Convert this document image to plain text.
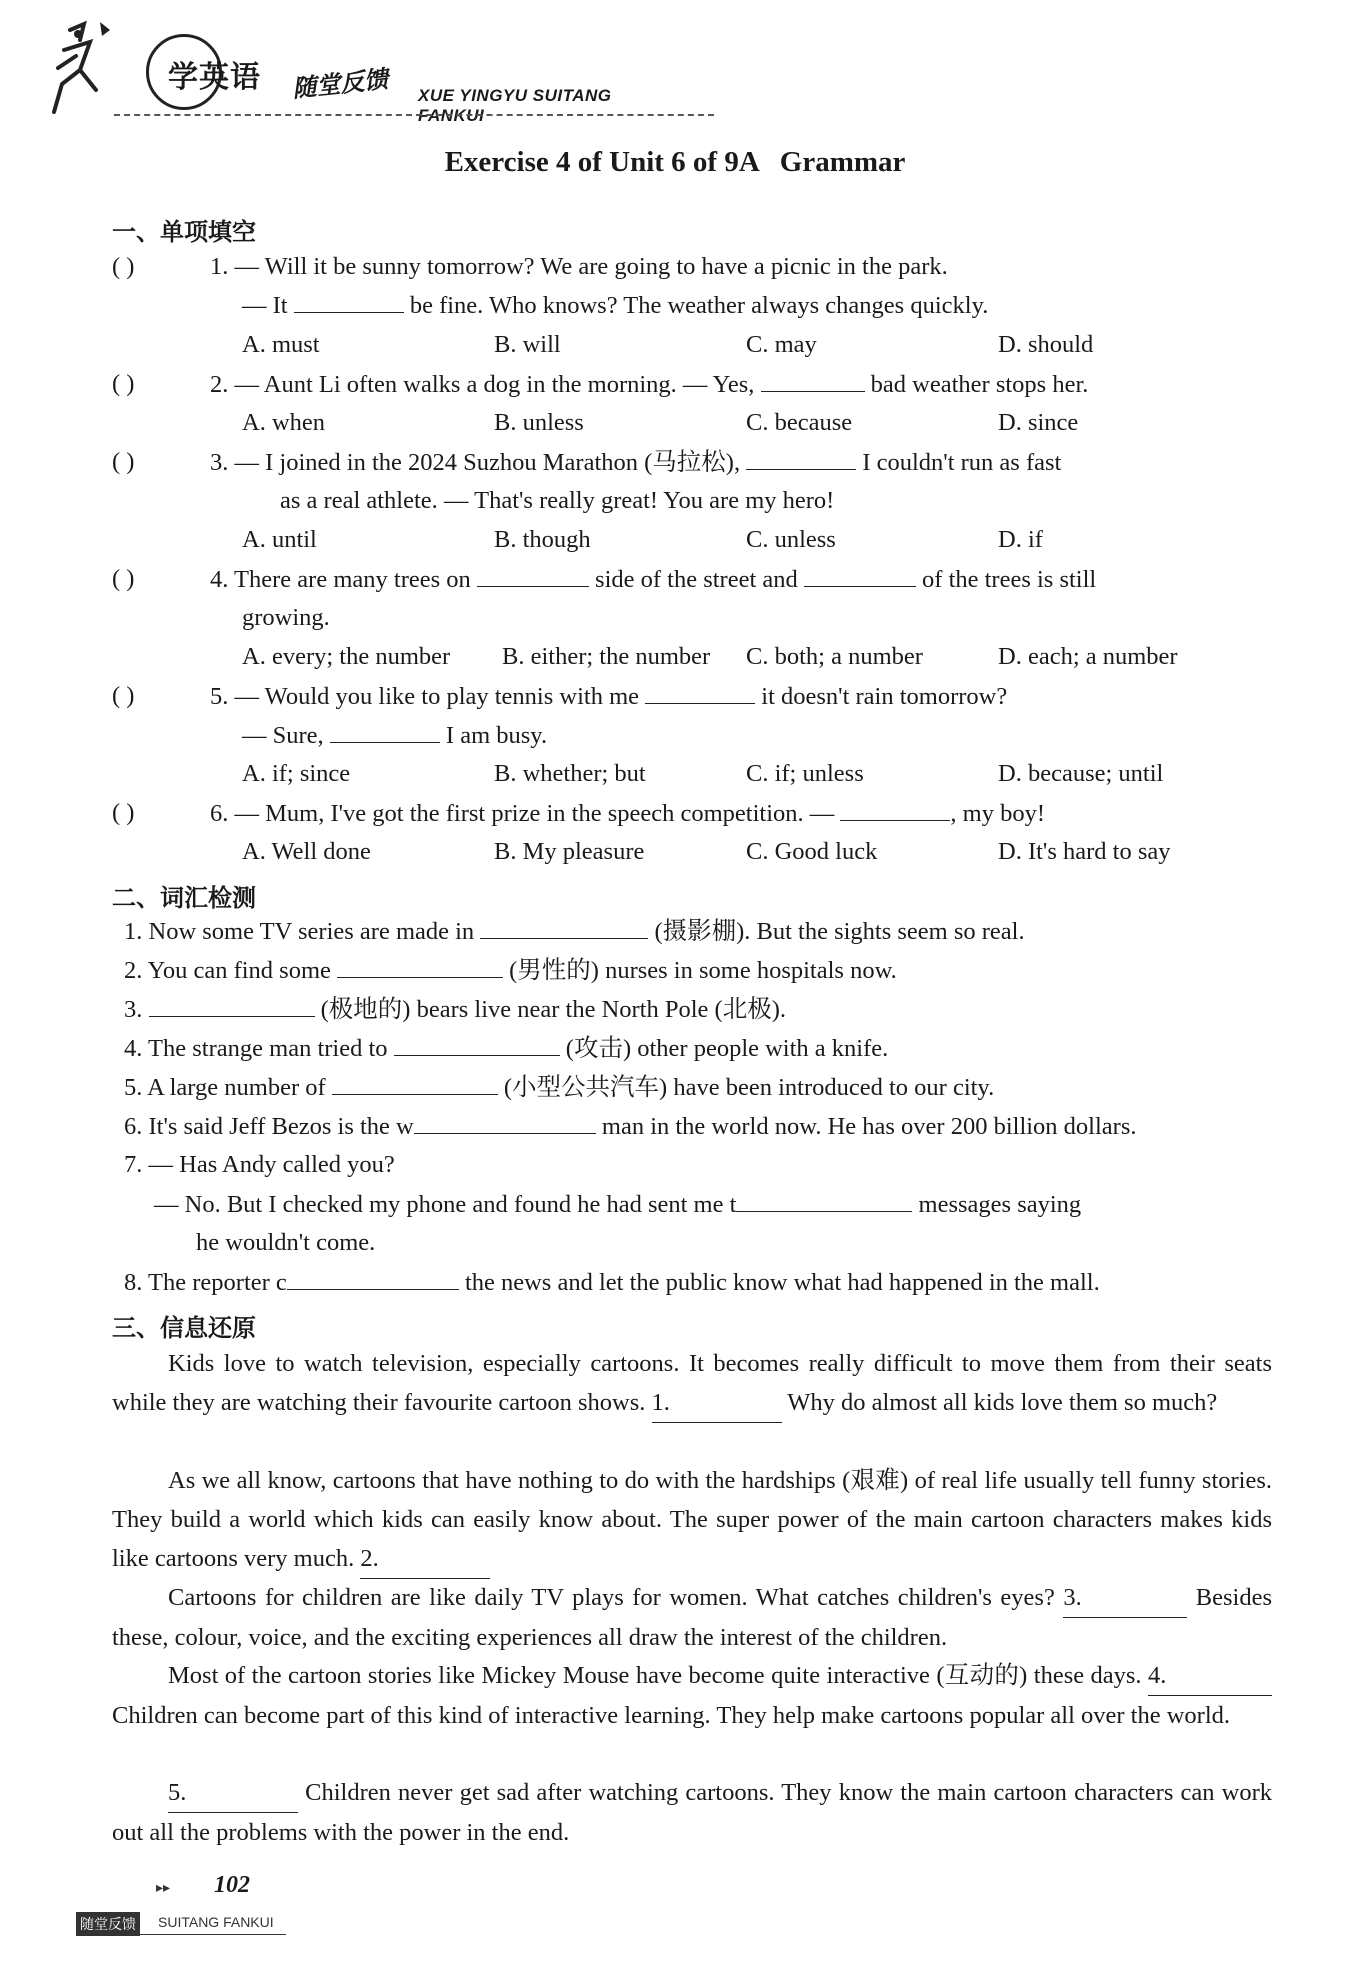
学英语 随堂反馈 XUE YINGYU SUITANG FANKUI
Exercise 4 of Unit 6 of 9A Grammar
一、单项填空
( )	1. — Will it be sunny tomorrow? We are going to have a picnic in the park.
— It	be fine. Who knows? The weather always changes quickly.
A. must	B. will	C. may	D. should
( )	2. — Aunt Li often walks a dog in the morning. — Yes,	bad weather stops her.
A. when	B. unless	C. because	D. since
( )	3. — I joined in the 2024 Suzhou Marathon (马拉松),	I couldn't run as fast
as a real athlete. — That's really great! You are my hero!
A. until	B. though	C. unless	D. if
( )	4. There are many trees on	side of the street and	of the trees is still
growing.
A. every; the number B. either; the number C. both; a number	D. each; a number
( )	5. — Would you like to play tennis with me	it doesn't rain tomorrow?
— Sure,	I am busy.
A. if; since	B. whether; but	C. if; unless	D. because; until
( )	6. — Mum, I've got the first prize in the speech competition. —	, my boy!
A. Well done	B. My pleasure	C. Good luck	D. It's hard to say
二、词汇检测
1. Now some TV series are made in	(摄影棚). But the sights seem so real.
2. You can find some	(男性的) nurses in some hospitals now.
3.	(极地的) bears live near the North Pole (北极).
4. The strange man tried to	(攻击) other people with a knife.
5. A large number of	(小型公共汽车) have been introduced to our city.
6. It's said Jeff Bezos is the w	man in the world now. He has over 200 billion dollars.
7. — Has Andy called you?
— No. But I checked my phone and found he had sent me t	messages saying
he wouldn't come.
8. The reporter c	the news and let the public know what had happened in the mall.
三、信息还原
Kids love to watch television, especially cartoons. It becomes really difficult to move them from their seats while they are watching their favourite cartoon shows. 1.	Why do almost all kids love them so much?
As we all know, cartoons that have nothing to do with the hardships (艰难) of real life usually tell funny stories. They build a world which kids can easily know about. The super power of the main cartoon characters makes kids like cartoons very much. 2.
Cartoons for children are like daily TV plays for women. What catches children's eyes? 3.	Besides these, colour, voice, and the exciting experiences all draw the interest of the children.
Most of the cartoon stories like Mickey Mouse have become quite interactive (互动的) these days. 4. Children can become part of this kind of interactive learning. They help make cartoons popular all over the world.
5.	Children never get sad after watching cartoons. They know the main cartoon characters can work out all the problems with the power in the end.
▸▸ 102
随堂反馈 SUITANG FANKUI
